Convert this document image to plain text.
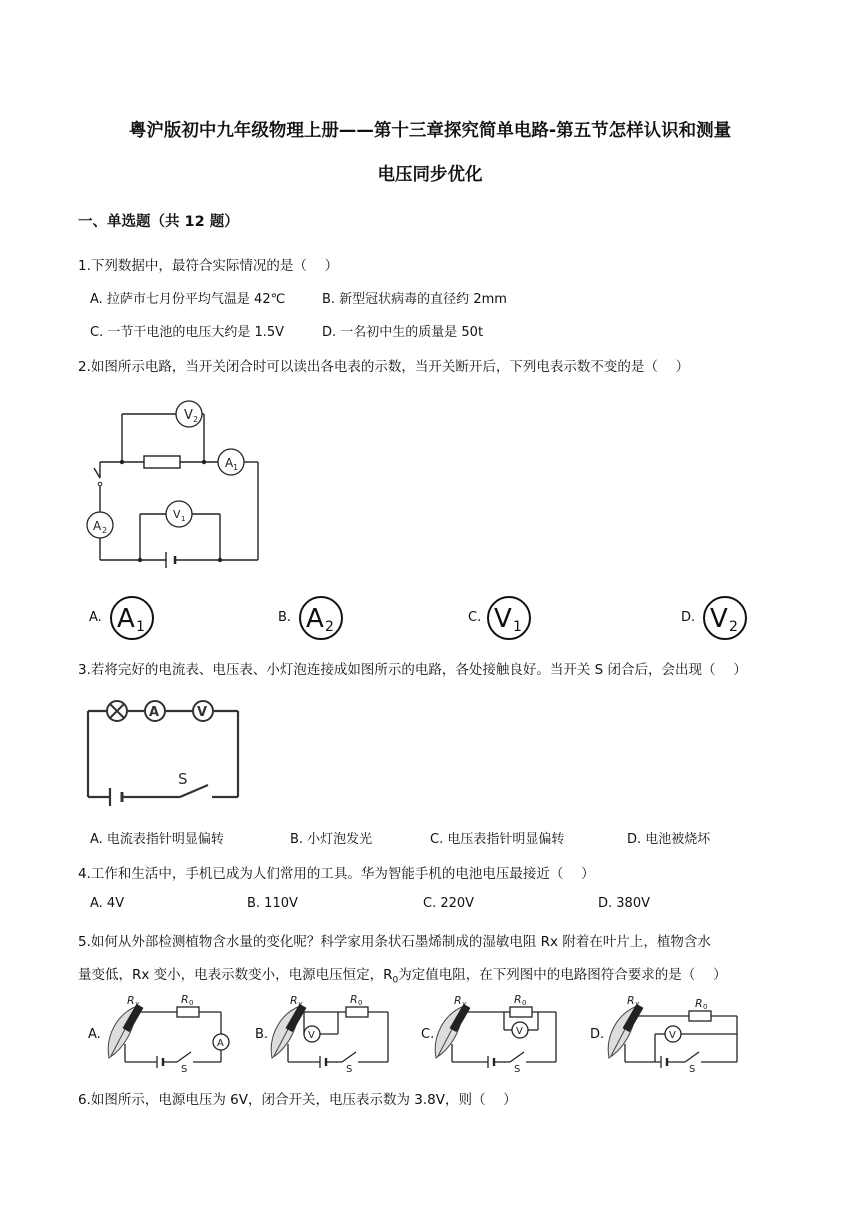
粤沪版初中九年级物理上册——第十三章探究简单电路-第五节怎样认识和测量
电压同步优化
一、单选题（共 12 题）
1.下列数据中，最符合实际情况的是（　 ）
A. 拉萨市七月份平均气温是 42℃	B. 新型冠状病毒的直径约 2mm
C. 一节干电池的电压大约是 1.5V	D. 一名初中生的质量是 50t
2.如图所示电路，当开关闭合时可以读出各电表的示数，当开关断开后，下列电表示数不变的是（　 ）
V 2
A 1
A 2
V 1
A. A 1
B. A 2
C. V 1
D. V 2
3.若将完好的电流表、电压表、小灯泡连接成如图所示的电路，各处接触良好。当开关 S 闭合后，会出现（　 ）
A	V
S
A. 电流表指针明显偏转	B. 小灯泡发光	C. 电压表指针明显偏转	D. 电池被烧坏
4.工作和生活中，手机已成为人们常用的工具。华为智能手机的电池电压最接近（　 ）
A. 4V	B. 110V	C. 220V	D. 380V
5.如何从外部检测植物含水量的变化呢？科学家用条状石墨烯制成的湿敏电阻 Rx 附着在叶片上，植物含水
量变低，Rx 变小，电表示数变小，电源电压恒定，$R_0$为定值电阻，在下列图中的电路图符合要求的是（　 ）
A.	B.	C.	D.
A
R X	R 0
S
V
R X	R 0
S
V
R X	R 0
S
V
R X	R 0
S
6.如图所示，电源电压为 6V，闭合开关，电压表示数为 3.8V，则（　 ）
